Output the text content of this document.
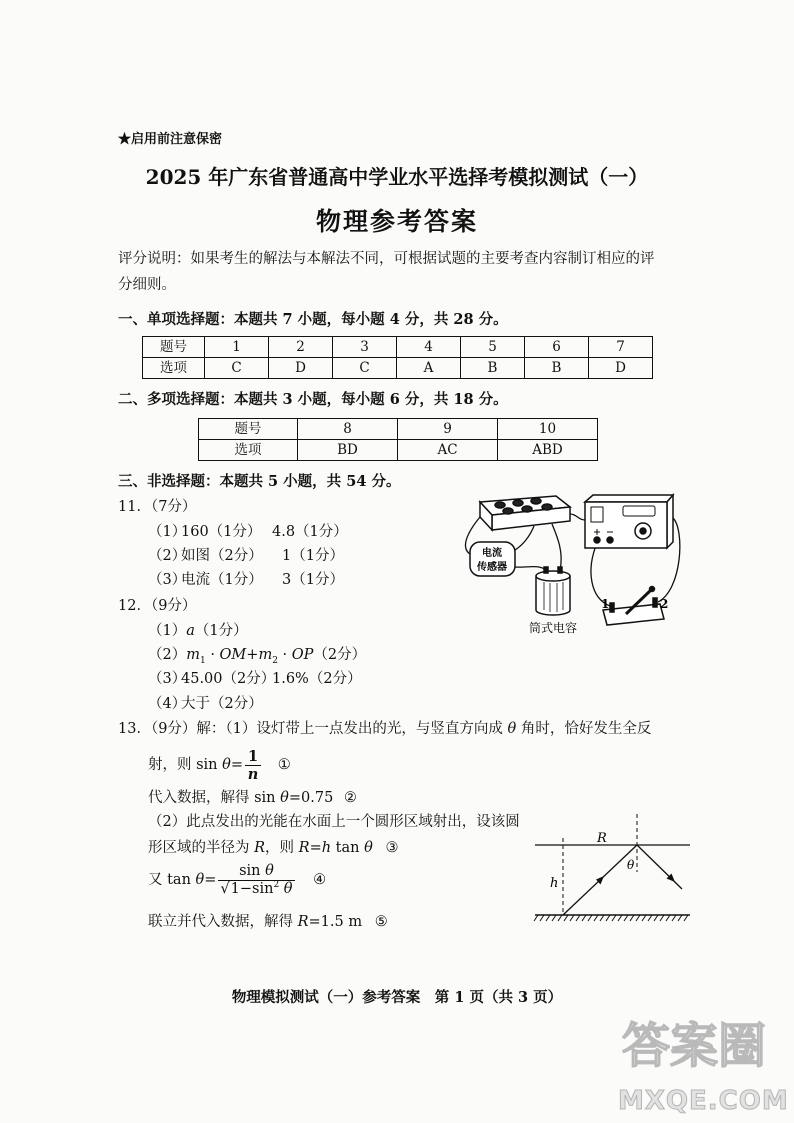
★启用前注意保密
2025 年广东省普通高中学业水平选择考模拟测试（一）
物理参考答案
评分说明：如果考生的解法与本解法不同，可根据试题的主要考查内容制订相应的评
分细则。
一、单项选择题：本题共 7 小题，每小题 4 分，共 28 分。
题号	1	2	3	4	5	6	7
选项	C	D	C	A	B	B	D
二、多项选择题：本题共 3 小题，每小题 6 分，共 18 分。
题号	8	9	10
选项	BD	AC	ABD
三、非选择题：本题共 5 小题，共 54 分。
11．（7分）
（1）
160（1分） 4.8（1分）
（2）
如图（2分） 1（1分）
（3）
电流（1分） 3（1分）
12．（9分）
（1）a（1分）
$(2)m_1 \cdot OM+m_2 \cdot OP(2$分）
（3）
45.00（2分）
1.6%（2分）
（4）
大于（2分）
13．（9分）解：（1）设灯带上一点发出的光，与竖直方向成 θ 角时，恰好发生全反
射，则 $\sin \theta= \frac{1}{n}$ ①
代入数据，解得 sin θ=0.75 ②
（2）此点发出的光能在水面上一个圆形区域射出，设该圆
形区域的半径为 R，则 R=h tan θ ③
又 $\tan \theta= \frac{\text{sin θ}}{√1-\sin^2 \theta}$ ④
联立并代入数据，解得 R=1.5 m ⑤
电流
传感器
筒式电容
1	2
R
h
θ
物理模拟测试（一）参考答案　第 1 页（共 3 页）
答案圈
MXQE.COM
